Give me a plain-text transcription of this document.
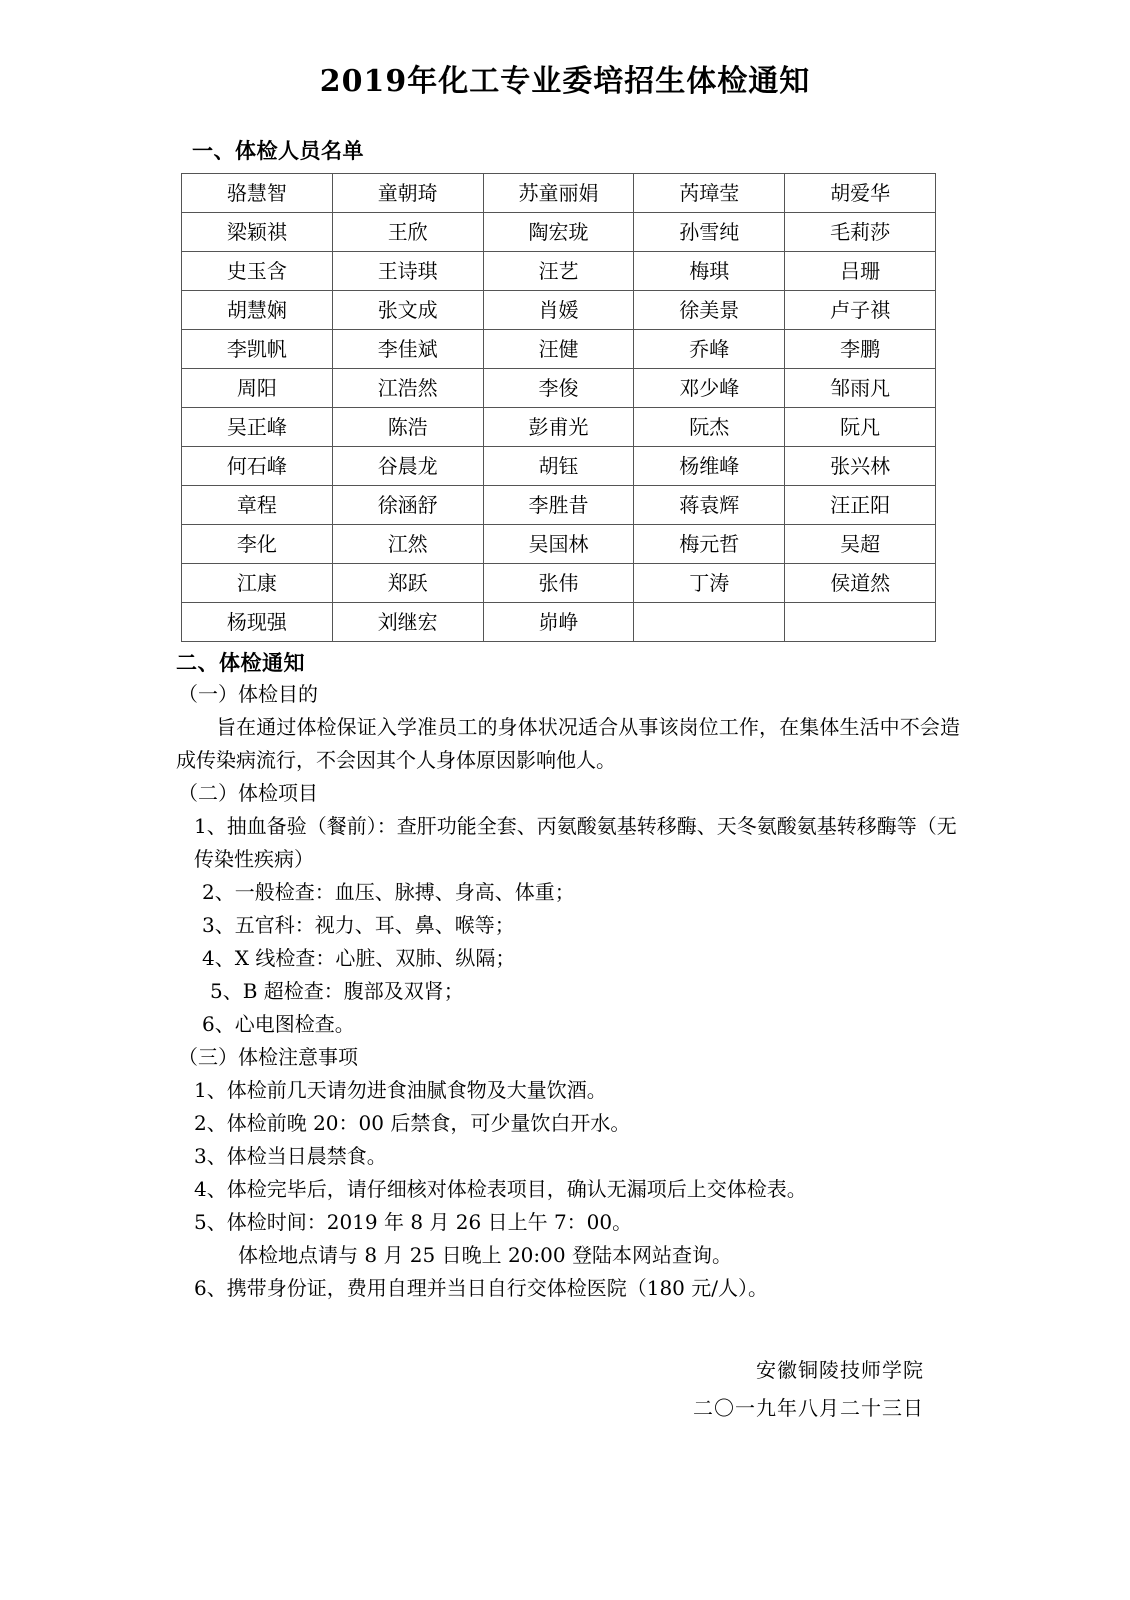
2019年化工专业委培招生体检通知
一、体检人员名单
骆慧智	童朝琦	苏童丽娟	芮璋莹	胡爱华
梁颖祺	王欣	陶宏珑	孙雪纯	毛莉莎
史玉含	王诗琪	汪艺	梅琪	吕珊
胡慧娴	张文成	肖媛	徐美景	卢子祺
李凯帆	李佳斌	汪健	乔峰	李鹏
周阳	江浩然	李俊	邓少峰	邹雨凡
吴正峰	陈浩	彭甫光	阮杰	阮凡
何石峰	谷晨龙	胡钰	杨维峰	张兴林
章程	徐涵舒	李胜昔	蒋袁辉	汪正阳
李化	江然	吴国林	梅元哲	吴超
江康	郑跃	张伟	丁涛	侯道然
杨现强	刘继宏	峁峥		
二、体检通知
（一）体检目的
旨在通过体检保证入学准员工的身体状况适合从事该岗位工作，在集体生活中不会造成传染病流行，不会因其个人身体原因影响他人。
（二）体检项目
1、抽血备验（餐前）：查肝功能全套、丙氨酸氨基转移酶、天冬氨酸氨基转移酶等（无传染性疾病）
2、一般检查：血压、脉搏、身高、体重；
3、五官科：视力、耳、鼻、喉等；
4、X 线检查：心脏、双肺、纵隔；
5、B 超检查：腹部及双肾；
6、心电图检查。
（三）体检注意事项
1、体检前几天请勿进食油腻食物及大量饮酒。
2、体检前晚 20：00 后禁食，可少量饮白开水。
3、体检当日晨禁食。
4、体检完毕后，请仔细核对体检表项目，确认无漏项后上交体检表。
5、体检时间：2019 年 8 月 26 日上午 7：00。
体检地点请与 8 月 25 日晚上 20:00 登陆本网站查询。
6、携带身份证，费用自理并当日自行交体检医院（180 元/人）。
安徽铜陵技师学院
二〇一九年八月二十三日
